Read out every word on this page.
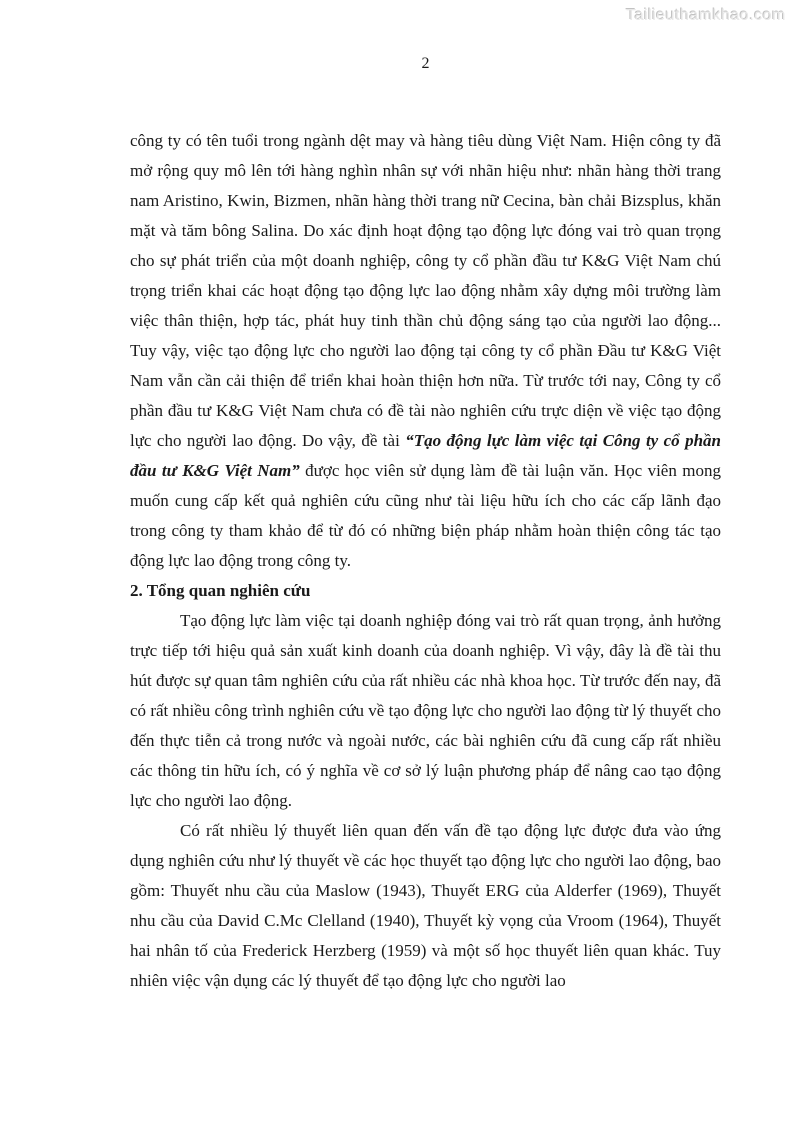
Tailieuthamkhao.com
2

công ty có tên tuổi trong ngành dệt may và hàng tiêu dùng Việt Nam. Hiện công ty đã mở rộng quy mô lên tới hàng nghìn nhân sự với nhãn hiệu như: nhãn hàng thời trang nam Aristino, Kwin, Bizmen, nhãn hàng thời trang nữ Cecina, bàn chải Bizsplus, khăn mặt và tăm bông Salina. Do xác định hoạt động tạo động lực đóng vai trò quan trọng cho sự phát triển của một doanh nghiệp, công ty cổ phần đầu tư K&G Việt Nam chú trọng triển khai các hoạt động tạo động lực lao động nhằm xây dựng môi trường làm việc thân thiện, hợp tác, phát huy tinh thần chủ động sáng tạo của người lao động... Tuy vậy, việc tạo động lực cho người lao động tại công ty cổ phần Đầu tư K&G Việt Nam vẫn cần cải thiện để triển khai hoàn thiện hơn nữa. Từ trước tới nay, Công ty cổ phần đầu tư K&G Việt Nam chưa có đề tài nào nghiên cứu trực diện về việc tạo động lực cho người lao động. Do vậy, đề tài “Tạo động lực làm việc tại Công ty cổ phần đầu tư K&G Việt Nam” được học viên sử dụng làm đề tài luận văn. Học viên mong muốn cung cấp kết quả nghiên cứu cũng như tài liệu hữu ích cho các cấp lãnh đạo trong công ty tham khảo để từ đó có những biện pháp nhằm hoàn thiện công tác tạo động lực lao động trong công ty.

2. Tổng quan nghiên cứu

Tạo động lực làm việc tại doanh nghiệp đóng vai trò rất quan trọng, ảnh hưởng trực tiếp tới hiệu quả sản xuất kinh doanh của doanh nghiệp. Vì vậy, đây là đề tài thu hút được sự quan tâm nghiên cứu của rất nhiều các nhà khoa học. Từ trước đến nay, đã có rất nhiều công trình nghiên cứu về tạo động lực cho người lao động từ lý thuyết cho đến thực tiễn cả trong nước và ngoài nước, các bài nghiên cứu đã cung cấp rất nhiều các thông tin hữu ích, có ý nghĩa về cơ sở lý luận phương pháp để nâng cao tạo động lực cho người lao động.

Có rất nhiều lý thuyết liên quan đến vấn đề tạo động lực được đưa vào ứng dụng nghiên cứu như lý thuyết về các học thuyết tạo động lực cho người lao động, bao gồm: Thuyết nhu cầu của Maslow (1943), Thuyết ERG của Alderfer (1969), Thuyết nhu cầu của David C.Mc Clelland (1940), Thuyết kỳ vọng của Vroom (1964), Thuyết hai nhân tố của Frederick Herzberg (1959) và một số học thuyết liên quan khác. Tuy nhiên việc vận dụng các lý thuyết để tạo động lực cho người lao
